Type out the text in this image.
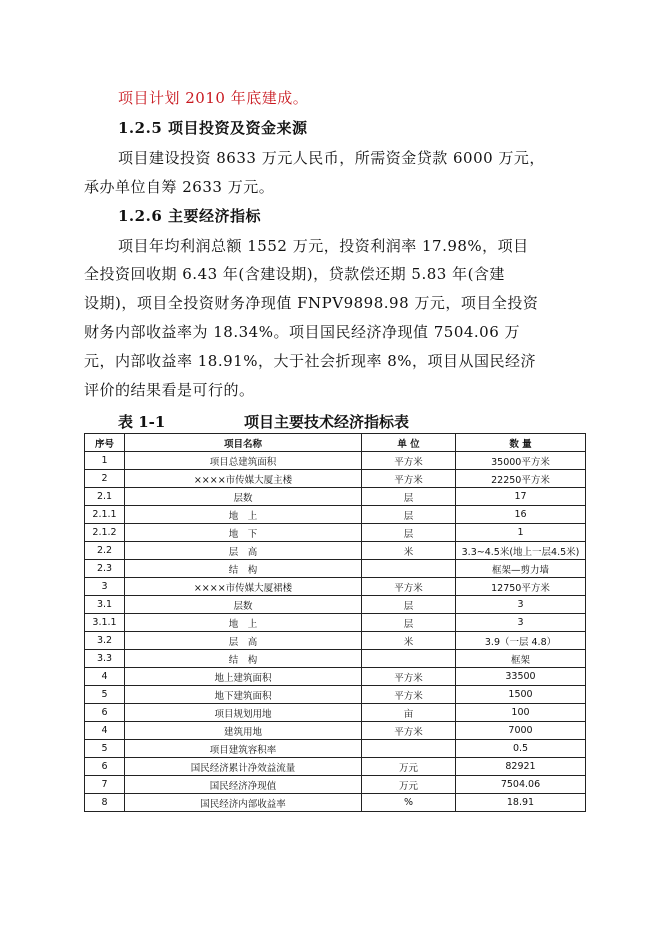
项目计划 2010 年底建成。
1.2.5 项目投资及资金来源
项目建设投资 8633 万元人民币，所需资金贷款 6000 万元，
承办单位自筹 2633 万元。
1.2.6 主要经济指标
项目年均利润总额 1552 万元，投资利润率 17.98%，项目
全投资回收期 6.43 年(含建设期)，贷款偿还期 5.83 年(含建
设期)，项目全投资财务净现值 FNPV9898.98 万元，项目全投资
财务内部收益率为 18.34%。项目国民经济净现值 7504.06 万
元，内部收益率 18.91%，大于社会折现率 8%，项目从国民经济
评价的结果看是可行的。
表 1-1	项目主要技术经济指标表
序号	项目名称	单 位	数 量
1	项目总建筑面积	平方米	35000平方米
2	××××市传媒大厦主楼	平方米	22250平方米
2.1	层数	层	17
2.1.1	地　上	层	16
2.1.2	地　下	层	1
2.2	层　高	米	3.3~4.5米(地上一层4.5米)
2.3	结　构		框架—剪力墙
3	××××市传媒大厦裙楼	平方米	12750平方米
3.1	层数	层	3
3.1.1	地　上	层	3
3.2	层　高	米	3.9（一层 4.8）
3.3	结　构		框架
4	地上建筑面积	平方米	33500
5	地下建筑面积	平方米	1500
6	项目规划用地	亩	100
4	建筑用地	平方米	7000
5	项目建筑容积率		0.5
6	国民经济累计净效益流量	万元	82921
7	国民经济净现值	万元	7504.06
8	国民经济内部收益率	%	18.91
